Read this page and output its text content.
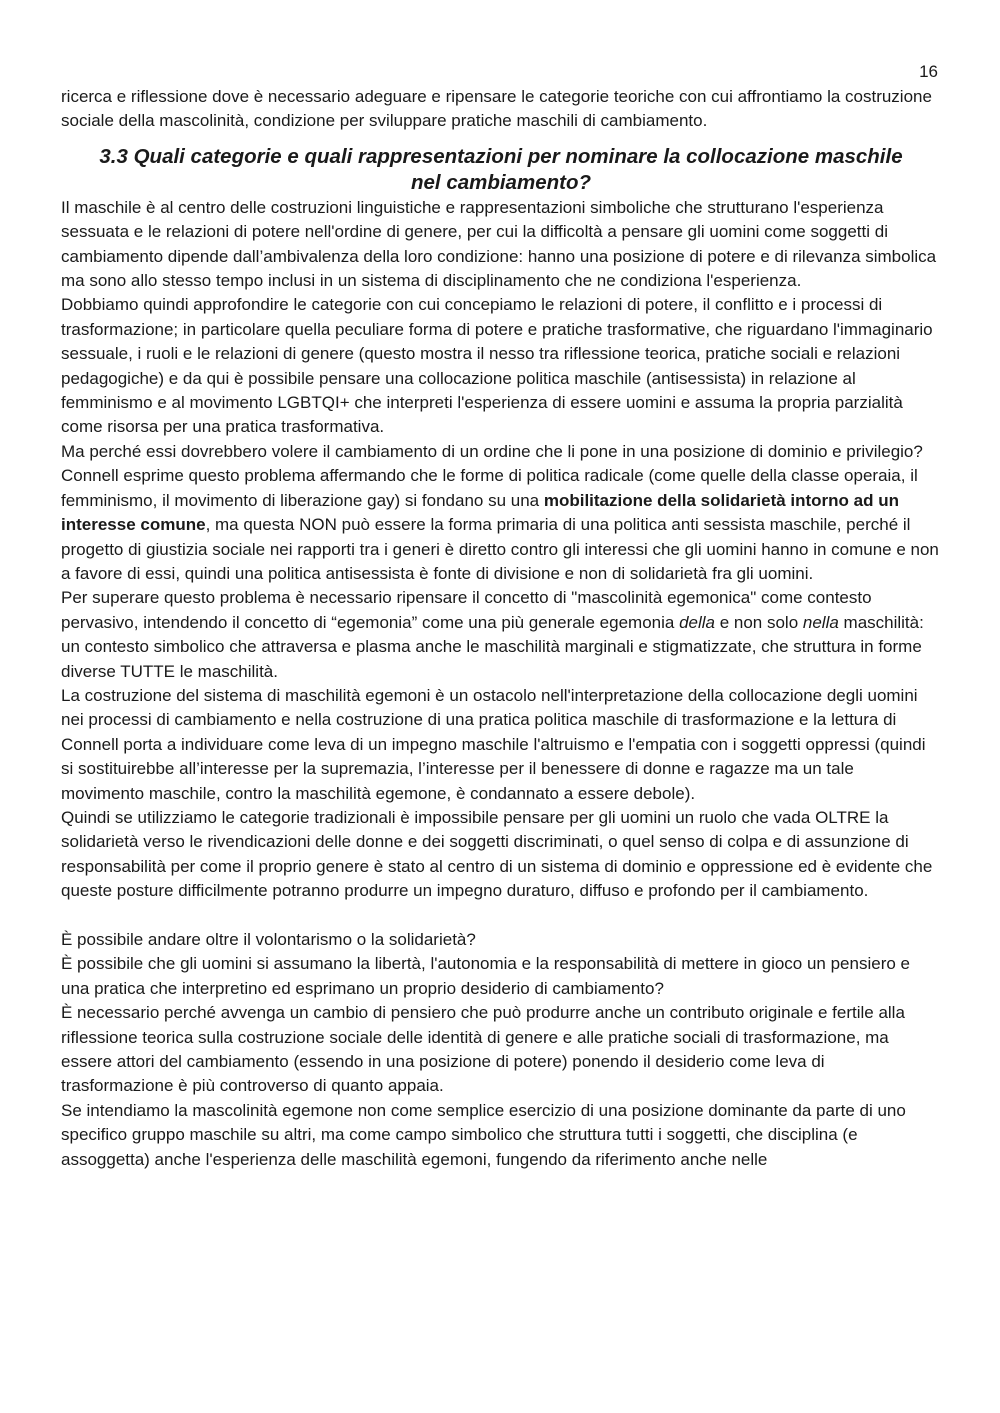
16

ricerca e riflessione dove è necessario adeguare e ripensare le categorie teoriche con cui affrontiamo la costruzione sociale della mascolinità, condizione per sviluppare pratiche maschili di cambiamento.

3.3 Quali categorie e quali rappresentazioni per nominare la collocazione maschile
nel cambiamento?

Il maschile è al centro delle costruzioni linguistiche e rappresentazioni simboliche che strutturano l'esperienza sessuata e le relazioni di potere nell'ordine di genere, per cui la difficoltà a pensare gli uomini come soggetti di cambiamento dipende dall’ambivalenza della loro condizione: hanno una posizione di potere e di rilevanza simbolica ma sono allo stesso tempo inclusi in un sistema di disciplinamento che ne condiziona l'esperienza.

Dobbiamo quindi approfondire le categorie con cui concepiamo le relazioni di potere, il conflitto e i processi di trasformazione; in particolare quella peculiare forma di potere e pratiche trasformative, che riguardano l'immaginario sessuale, i ruoli e le relazioni di genere (questo mostra il nesso tra riflessione teorica, pratiche sociali e relazioni pedagogiche) e da qui è possibile pensare una collocazione politica maschile (antisessista) in relazione al femminismo e al movimento LGBTQI+ che interpreti l'esperienza di essere uomini e assuma la propria parzialità come risorsa per una pratica trasformativa.

Ma perché essi dovrebbero volere il cambiamento di un ordine che li pone in una posizione di dominio e privilegio?

Connell esprime questo problema affermando che le forme di politica radicale (come quelle della classe operaia, il femminismo, il movimento di liberazione gay) si fondano su una mobilitazione della solidarietà intorno ad un interesse comune, ma questa NON può essere la forma primaria di una politica anti sessista maschile, perché il progetto di giustizia sociale nei rapporti tra i generi è diretto contro gli interessi che gli uomini hanno in comune e non a favore di essi, quindi una politica antisessista è fonte di divisione e non di solidarietà fra gli uomini.

Per superare questo problema è necessario ripensare il concetto di "mascolinità egemonica" come contesto pervasivo, intendendo il concetto di “egemonia” come una più generale egemonia della e non solo nella maschilità: un contesto simbolico che attraversa e plasma anche le maschilità marginali e stigmatizzate, che struttura in forme diverse TUTTE le maschilità.

La costruzione del sistema di maschilità egemoni è un ostacolo nell'interpretazione della collocazione degli uomini nei processi di cambiamento e nella costruzione di una pratica politica maschile di trasformazione e la lettura di Connell porta a individuare come leva di un impegno maschile l'altruismo e l'empatia con i soggetti oppressi (quindi si sostituirebbe all’interesse per la supremazia, l’interesse per il benessere di donne e ragazze ma un tale movimento maschile, contro la maschilità egemone, è condannato a essere debole).

Quindi se utilizziamo le categorie tradizionali è impossibile pensare per gli uomini un ruolo che vada OLTRE la solidarietà verso le rivendicazioni delle donne e dei soggetti discriminati, o quel senso di colpa e di assunzione di responsabilità per come il proprio genere è stato al centro di un sistema di dominio e oppressione ed è evidente che queste posture difficilmente potranno produrre un impegno duraturo, diffuso e profondo per il cambiamento.

È possibile andare oltre il volontarismo o la solidarietà?

È possibile che gli uomini si assumano la libertà, l'autonomia e la responsabilità di mettere in gioco un pensiero e una pratica che interpretino ed esprimano un proprio desiderio di cambiamento?

È necessario perché avvenga un cambio di pensiero che può produrre anche un contributo originale e fertile alla riflessione teorica sulla costruzione sociale delle identità di genere e alle pratiche sociali di trasformazione, ma essere attori del cambiamento (essendo in una posizione di potere) ponendo il desiderio come leva di trasformazione è più controverso di quanto appaia.

Se intendiamo la mascolinità egemone non come semplice esercizio di una posizione dominante da parte di uno specifico gruppo maschile su altri, ma come campo simbolico che struttura tutti i soggetti, che disciplina (e assoggetta) anche l'esperienza delle maschilità egemoni, fungendo da riferimento anche nelle
